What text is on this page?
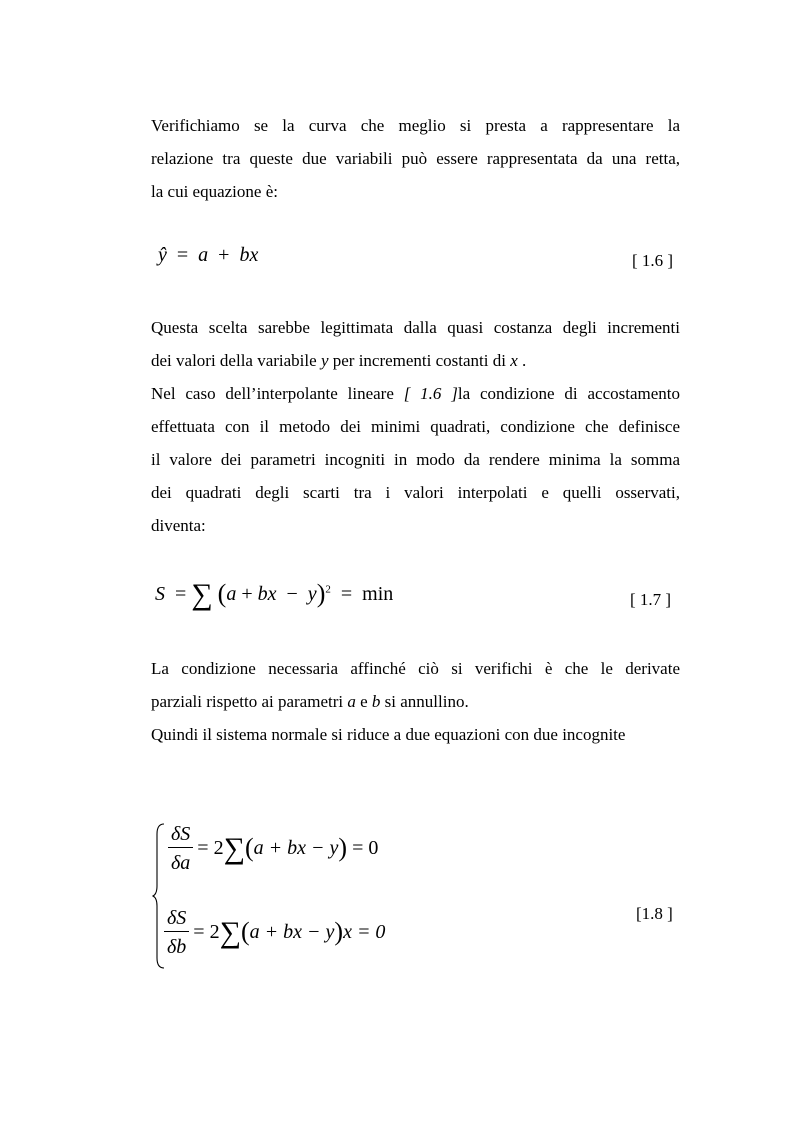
Verifichiamo se la curva che meglio si presta a rappresentare la
relazione tra queste due variabili può essere rappresentata da una retta,
la cui equazione è:
ŷ = a + bx	[ 1.6 ]
Questa scelta sarebbe legittimata dalla quasi costanza degli incrementi
dei valori della variabile y per incrementi costanti di x .
Nel caso dell’interpolante lineare [ 1.6 ]la condizione di accostamento
effettuata con il metodo dei minimi quadrati, condizione che definisce
il valore dei parametri incogniti in modo da rendere minima la somma
dei quadrati degli scarti tra i valori interpolati e quelli osservati,
diventa:
S = ∑ (a + bx − y)$^2$ = min	[ 1.7 ]
La condizione necessaria affinché ciò si verifichi è che le derivate
parziali rispetto ai parametri a e b si annullino.
Quindi il sistema normale si riduce a due equazioni con due incognite
$\frac{\delta S}{\delta a} = 2\sum(a$ + bx − y) = 0
$\frac{\delta S}{\delta b} = 2\sum(a$ + bx − y)x = 0
[1.8 ]
